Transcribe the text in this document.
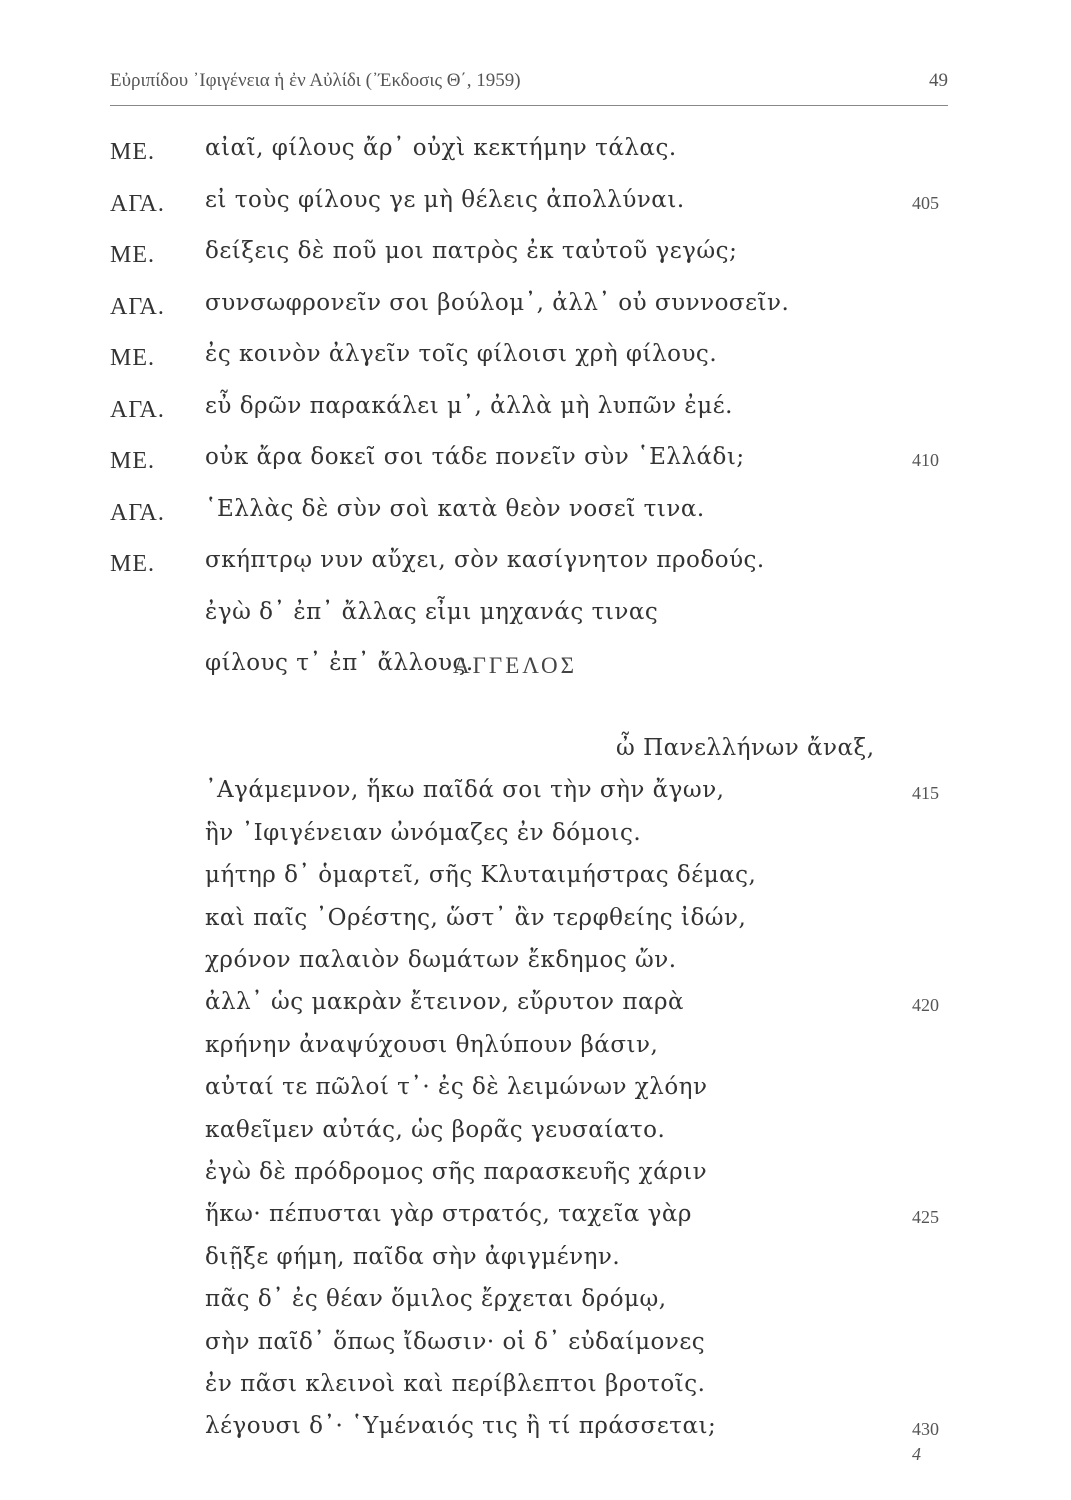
Εὐριπίδου ᾽Ιφιγένεια ἡ ἐν Αὐλίδι (᾽Έκδοσις Θ΄, 1959)	49
ΜΕ. αἰαῖ, φίλους ἄρ᾽ οὐχὶ κεκτήμην τάλας.
ΑΓΑ. εἰ τοὺς φίλους γε μὴ θέλεις ἀπολλύναι.	405
ΜΕ. δείξεις δὲ ποῦ μοι πατρὸς ἐκ ταὐτοῦ γεγώς;
ΑΓΑ. συνσωφρονεῖν σοι βούλομ᾽, ἀλλ᾽ οὐ συννοσεῖν.
ΜΕ. ἐς κοινὸν ἀλγεῖν τοῖς φίλοισι χρὴ φίλους.
ΑΓΑ. εὖ δρῶν παρακάλει μ᾽, ἀλλὰ μὴ λυπῶν ἐμέ.
ΜΕ. οὐκ ἄρα δοκεῖ σοι τάδε πονεῖν σὺν ῾Ελλάδι;	410
ΑΓΑ. ῾Ελλὰς δὲ σὺν σοὶ κατὰ θεὸν νοσεῖ τινα.
ΜΕ. σκήπτρῳ νυν αὔχει, σὸν κασίγνητον προδούς.
ἐγὼ δ᾽ ἐπ᾽ ἄλλας εἶμι μηχανάς τινας
φίλους τ᾽ ἐπ᾽ ἄλλους.
ΑΓΓΕΛΟΣ
ὦ Πανελλήνων ἄναξ,
᾽Αγάμεμνον, ἥκω παῖδά σοι τὴν σὴν ἄγων,	415
ἣν ᾽Ιφιγένειαν ὠνόμαζες ἐν δόμοις.
μήτηρ δ᾽ ὁμαρτεῖ, σῆς Κλυταιμήστρας δέμας,
καὶ παῖς ᾽Ορέστης, ὥστ᾽ ἂν τερφθείης ἰδών,
χρόνον παλαιὸν δωμάτων ἔκδημος ὤν.
ἀλλ᾽ ὡς μακρὰν ἔτεινον, εὔρυτον παρὰ	420
κρήνην ἀναψύχουσι θηλύπουν βάσιν,
αὐταί τε πῶλοί τ᾽· ἐς δὲ λειμώνων χλόην
καθεῖμεν αὐτάς, ὡς βορᾶς γευσαίατο.
ἐγὼ δὲ πρόδρομος σῆς παρασκευῆς χάριν
ἥκω· πέπυσται γὰρ στρατός, ταχεῖα γὰρ	425
διῇξε φήμη, παῖδα σὴν ἀφιγμένην.
πᾶς δ᾽ ἐς θέαν ὅμιλος ἔρχεται δρόμῳ,
σὴν παῖδ᾽ ὅπως ἴδωσιν· οἱ δ᾽ εὐδαίμονες
ἐν πᾶσι κλεινοὶ καὶ περίβλεπτοι βροτοῖς.
λέγουσι δ᾽· ῾Υμέναιός τις ἢ τί πράσσεται;	430
4
